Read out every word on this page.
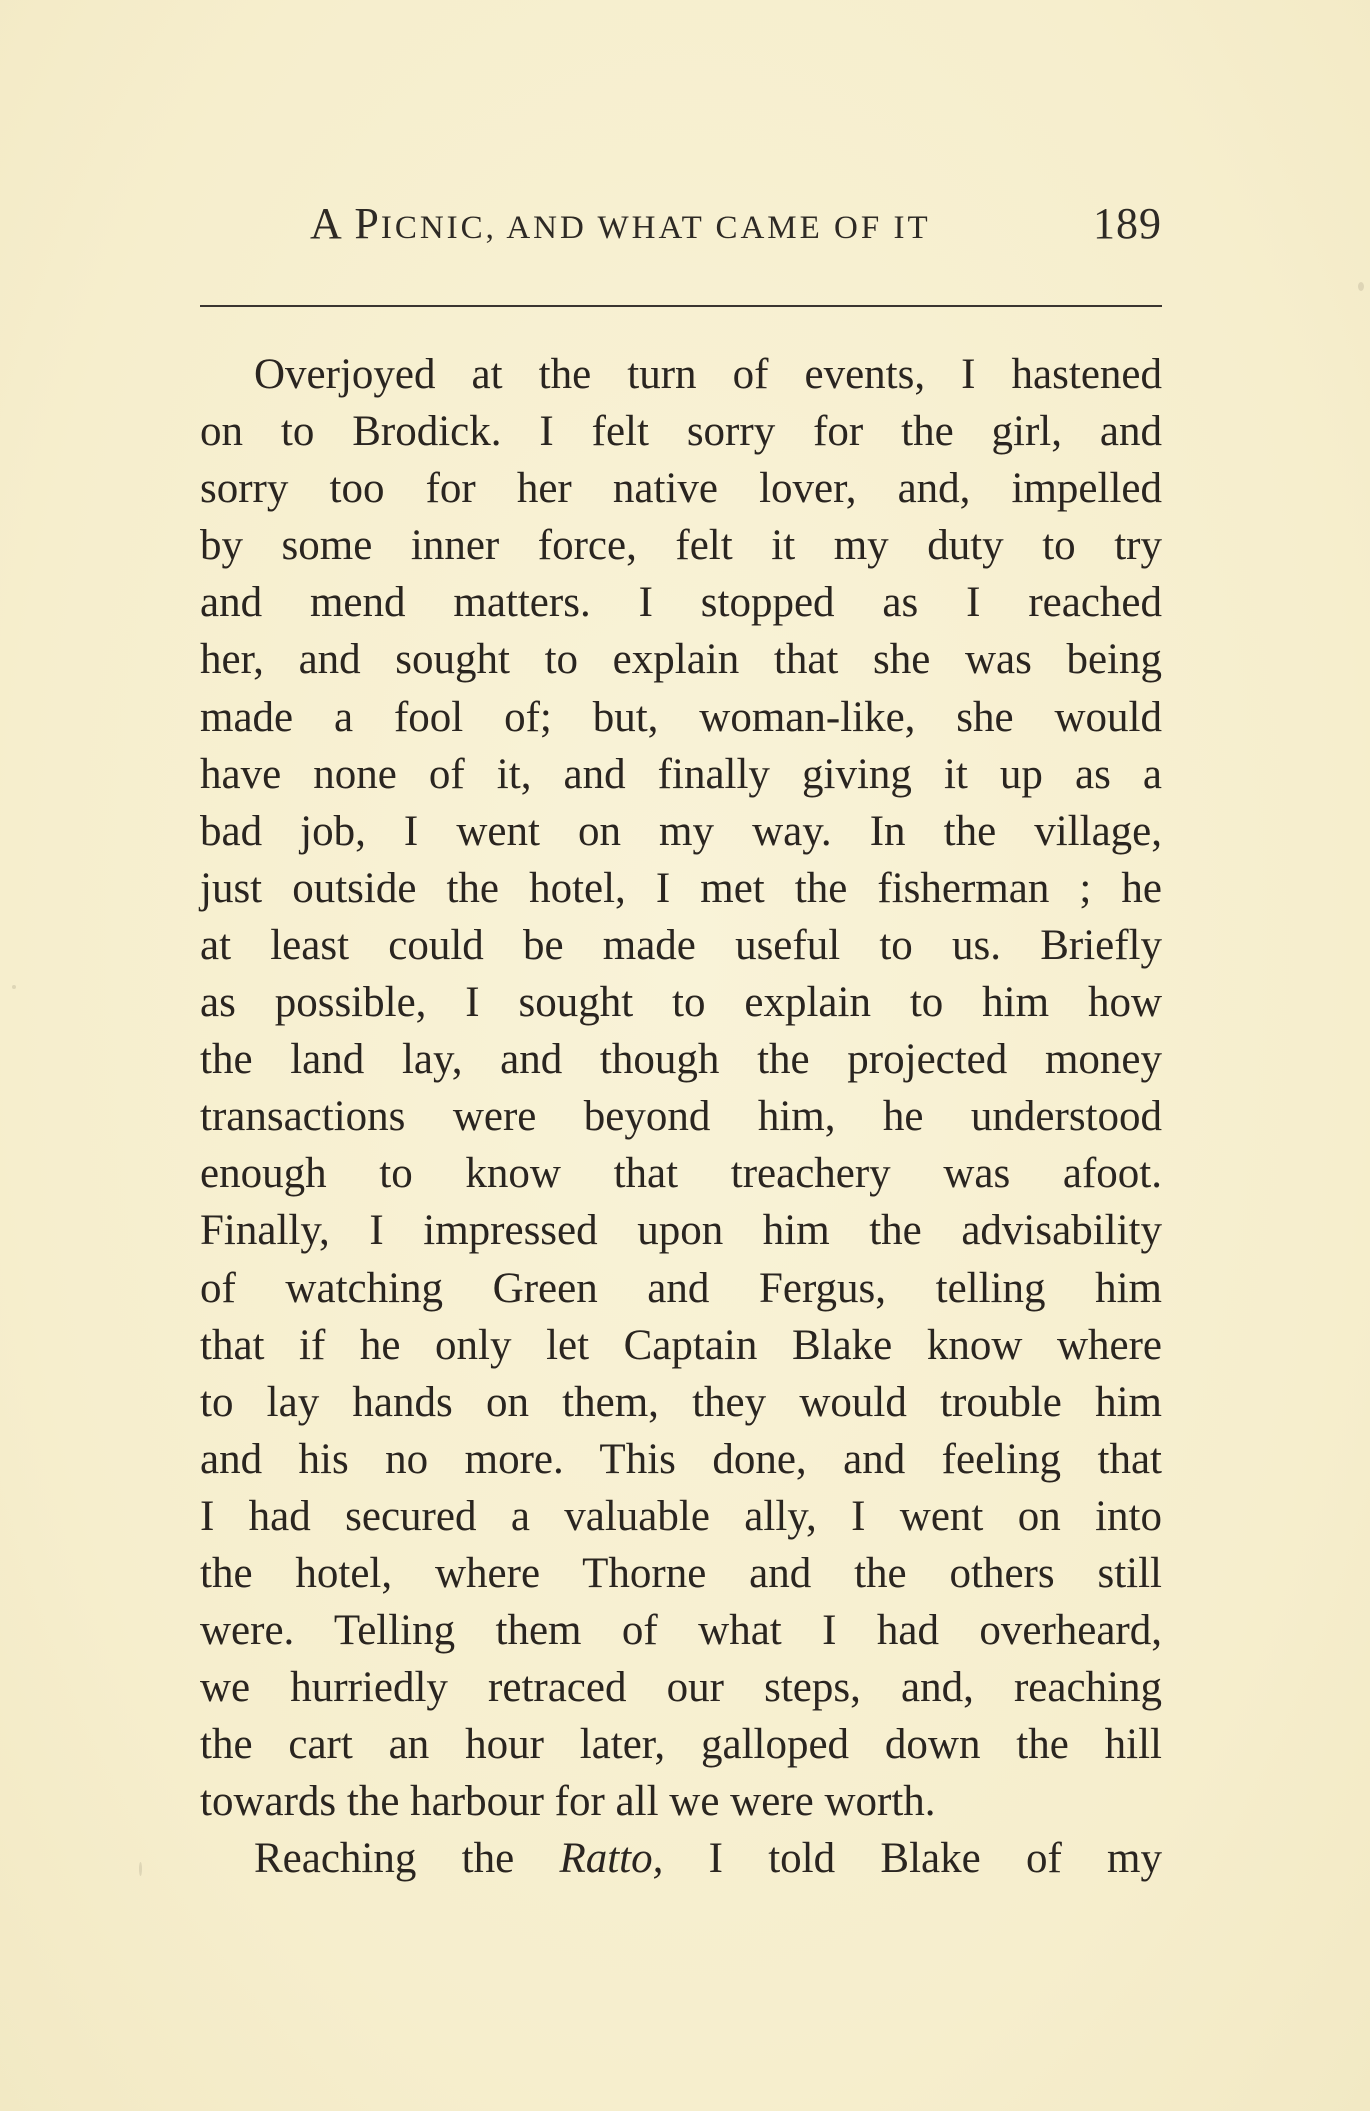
A PICNIC, AND WHAT CAME OF IT	189
Overjoyed at the turn of events, I hastened
on to Brodick. I felt sorry for the girl, and
sorry too for her native lover, and, impelled
by some inner force, felt it my duty to try
and mend matters. I stopped as I reached
her, and sought to explain that she was being
made a fool of; but, woman-like, she would
have none of it, and finally giving it up as a
bad job, I went on my way. In the village,
just outside the hotel, I met the fisherman ; he
at least could be made useful to us. Briefly
as possible, I sought to explain to him how
the land lay, and though the projected money
transactions were beyond him, he understood
enough to know that treachery was afoot.
Finally, I impressed upon him the advisability
of watching Green and Fergus, telling him
that if he only let Captain Blake know where
to lay hands on them, they would trouble him
and his no more. This done, and feeling that
I had secured a valuable ally, I went on into
the hotel, where Thorne and the others still
were. Telling them of what I had overheard,
we hurriedly retraced our steps, and, reaching
the cart an hour later, galloped down the hill
towards the harbour for all we were worth.
Reaching the Ratto, I told Blake of my
